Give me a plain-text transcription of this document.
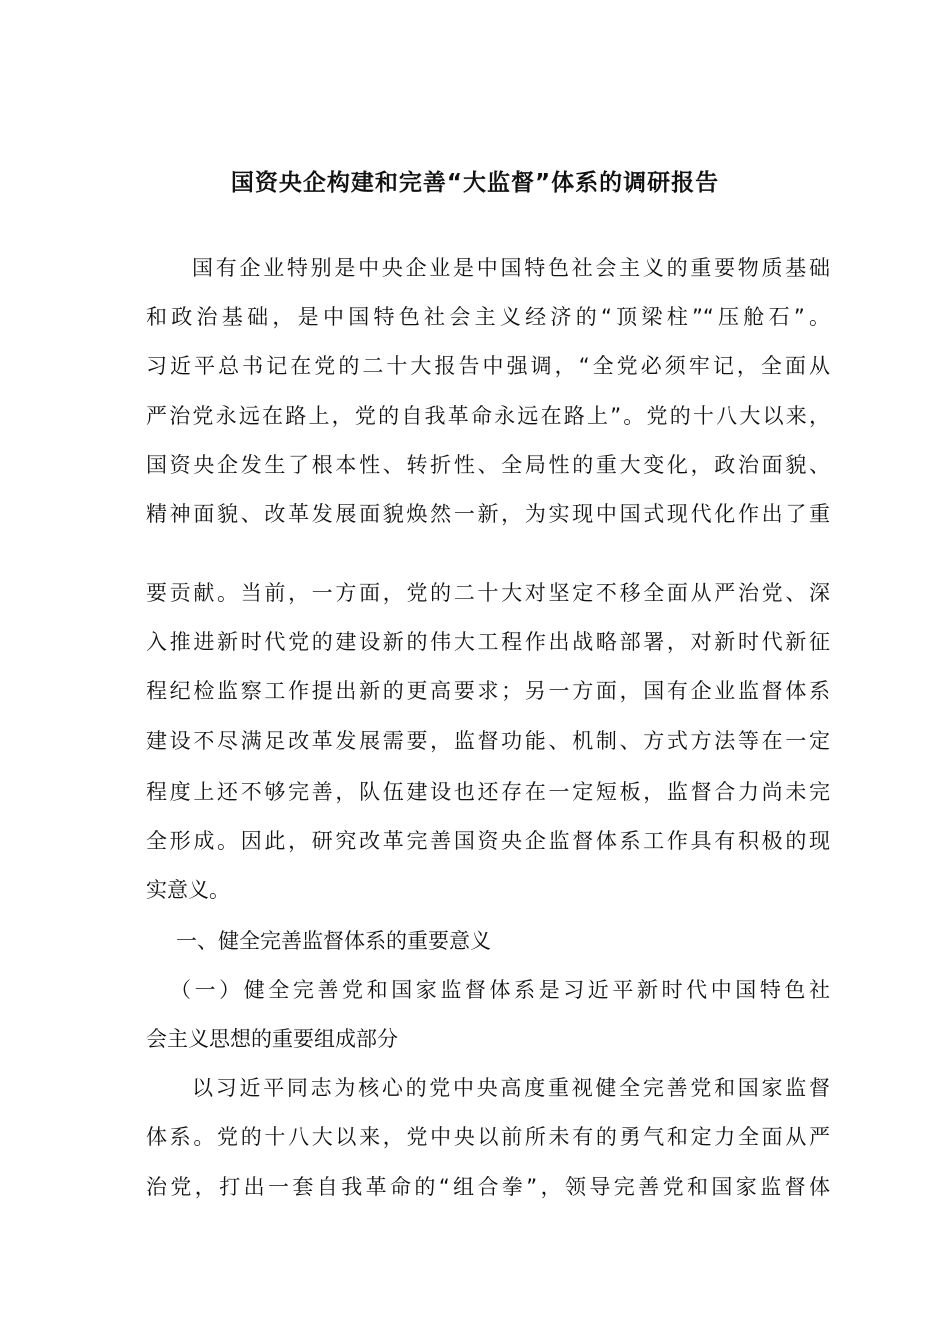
国资央企构建和完善“大监督”体系的调研报告
国有企业特别是中央企业是中国特色社会主义的重要物质基础
和政治基础，是中国特色社会主义经济的“顶梁柱”“压舱石”。
习近平总书记在党的二十大报告中强调，“全党必须牢记，全面从
严治党永远在路上，党的自我革命永远在路上”。党的十八大以来，
国资央企发生了根本性、转折性、全局性的重大变化，政治面貌、
精神面貌、改革发展面貌焕然一新，为实现中国式现代化作出了重
要贡献。当前，一方面，党的二十大对坚定不移全面从严治党、深
入推进新时代党的建设新的伟大工程作出战略部署，对新时代新征
程纪检监察工作提出新的更高要求；另一方面，国有企业监督体系
建设不尽满足改革发展需要，监督功能、机制、方式方法等在一定
程度上还不够完善，队伍建设也还存在一定短板，监督合力尚未完
全形成。因此，研究改革完善国资央企监督体系工作具有积极的现
实意义。
一、健全完善监督体系的重要意义
（一）健全完善党和国家监督体系是习近平新时代中国特色社
会主义思想的重要组成部分
以习近平同志为核心的党中央高度重视健全完善党和国家监督
体系。党的十八大以来，党中央以前所未有的勇气和定力全面从严
治党，打出一套自我革命的“组合拳”，领导完善党和国家监督体
